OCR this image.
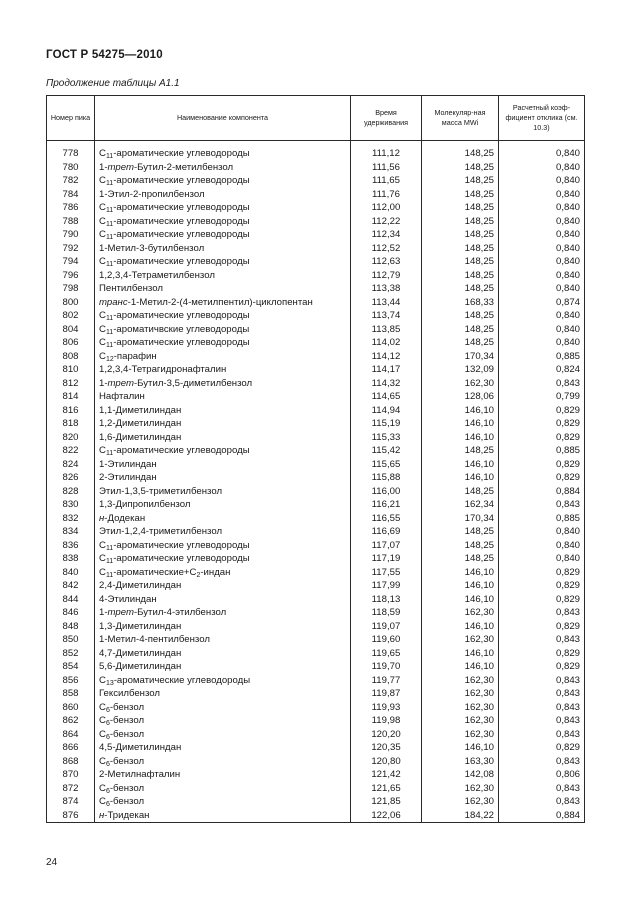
ГОСТ Р 54275—2010
Продолжение таблицы А1.1
Номер пика	Наименование компонента	Время удерживания	Молекуляр-ная масса MWi	Расчетный коэф-фициент отклика (см. 10.3)

778	$C_{11}$-ароматические углеводороды	111,12	148,25	0,840
780	1-трет-Бутил-2-метилбензол	111,56	148,25	0,840
782	$C_{11}$-ароматические углеводороды	111,65	148,25	0,840
784	1-Этил-2-пропилбензол	111,76	148,25	0,840
786	$C_{11}$-ароматические углеводороды	112,00	148,25	0,840
788	$C_{11}$-ароматические углеводороды	112,22	148,25	0,840
790	$C_{11}$-ароматические углеводороды	112,34	148,25	0,840
792	1-Метил-3-бутилбензол	112,52	148,25	0,840
794	$C_{11}$-ароматические углеводороды	112,63	148,25	0,840
796	1,2,3,4-Тетраметилбензол	112,79	148,25	0,840
798	Пентилбензол	113,38	148,25	0,840
800	транс-1-Метил-2-(4-метилпентил)-циклопентан	113,44	168,33	0,874
802	$C_{11}$-ароматические углеводороды	113,74	148,25	0,840
804	$C_{11}$-ароматичвские углеводороды	113,85	148,25	0,840
806	$C_{11}$-ароматические углеводороды	114,02	148,25	0,840
808	$C_{12}$-парафин	114,12	170,34	0,885
810	1,2,3,4-Тетрагидронафталин	114,17	132,09	0,824
812	1-трет-Бутил-3,5-диметилбензол	114,32	162,30	0,843
814	Нафталин	114,65	128,06	0,799
816	1,1-Диметилиндан	114,94	146,10	0,829
818	1,2-Диметилиндан	115,19	146,10	0,829
820	1,6-Диметилиндан	115,33	146,10	0,829
822	$C_{11}$-ароматические углеводороды	115,42	148,25	0,885
824	1-Этилиндан	115,65	146,10	0,829
826	2-Этилиндан	115,88	146,10	0,829
828	Этил-1,3,5-триметилбензол	116,00	148,25	0,884
830	1,3-Дипропилбензол	116,21	162,34	0,843
832	н-Додекан	116,55	170,34	0,885
834	Этил-1,2,4-триметилбензол	116,69	148,25	0,840
836	$C_{11}$-ароматические углеводороды	117,07	148,25	0,840
838	$C_{11}$-ароматические углеводороды	117,19	148,25	0,840
840	$C_{11}-ароматические+C_2$-индан	117,55	146,10	0,829
842	2,4-Диметилиндан	117,99	146,10	0,829
844	4-Этилиндан	118,13	146,10	0,829
846	1-трет-Бутил-4-этилбензол	118,59	162,30	0,843
848	1,3-Диметилиндан	119,07	146,10	0,829
850	1-Метил-4-пентилбензол	119,60	162,30	0,843
852	4,7-Диметилиндан	119,65	146,10	0,829
854	5,6-Диметилиндан	119,70	146,10	0,829
856	$C_{13}$-ароматические углеводороды	119,77	162,30	0,843
858	Гексилбензол	119,87	162,30	0,843
860	$C_6$-бензол	119,93	162,30	0,843
862	$C_6$-бензол	119,98	162,30	0,843
864	$C_6$-бензол	120,20	162,30	0,843
866	4,5-Диметилиндан	120,35	146,10	0,829
868	$C_6$-бензол	120,80	163,30	0,843
870	2-Метилнафталин	121,42	142,08	0,806
872	$C_6$-бензол	121,65	162,30	0,843
874	$C_6$-бензол	121,85	162,30	0,843
876	н-Тридекан	122,06	184,22	0,884
24
